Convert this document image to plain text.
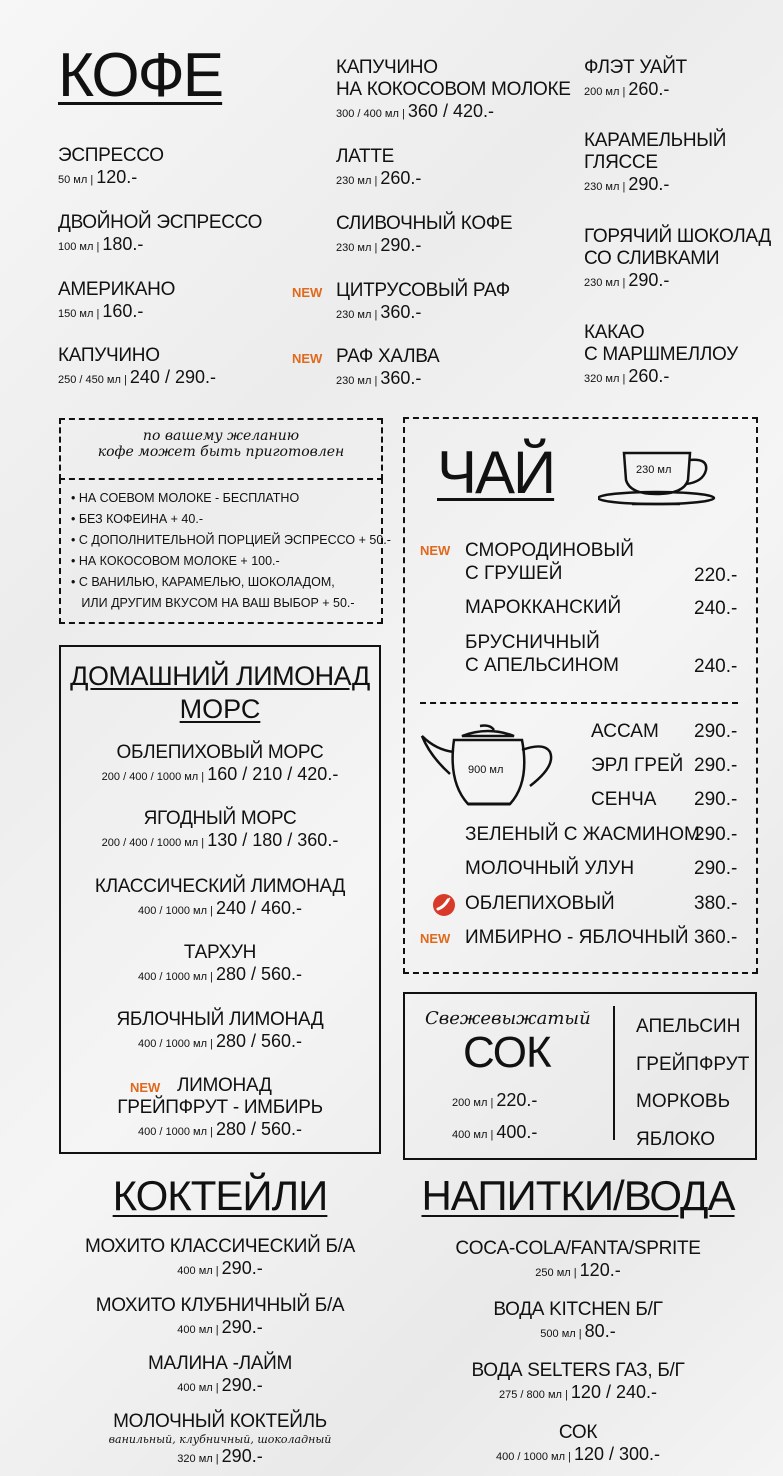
КОФЕ
ЭСПРЕССО
50 мл | 120.-
ДВОЙНОЙ ЭСПРЕССО
100 мл | 180.-
АМЕРИКАНО
150 мл | 160.-
КАПУЧИНО
250 / 450 мл | 240 / 290.-
КАПУЧИНО
НА КОКОСОВОМ МОЛОКЕ
300 / 400 мл | 360 / 420.-
ЛАТТЕ
230 мл | 260.-
СЛИВОЧНЫЙ КОФЕ
230 мл | 290.-
NEW ЦИТРУСОВЫЙ РАФ
230 мл | 360.-
NEW РАФ ХАЛВА
230 мл | 360.-
ФЛЭТ УАЙТ
200 мл | 260.-
КАРАМЕЛЬНЫЙ
ГЛЯССЕ
230 мл | 290.-
ГОРЯЧИЙ ШОКОЛАД
СО СЛИВКАМИ
230 мл | 290.-
КАКАО
С МАРШМЕЛЛОУ
320 мл | 260.-
по вашему желанию
кофе может быть приготовлен
• НА СОЕВОМ МОЛОКЕ - БЕСПЛАТНО
• БЕЗ КОФЕИНА + 40.-
• С ДОПОЛНИТЕЛЬНОЙ ПОРЦИЕЙ ЭСПРЕССО + 50.-
• НА КОКОСОВОМ МОЛОКЕ + 100.-
• С ВАНИЛЬЮ, КАРАМЕЛЬЮ, ШОКОЛАДОМ,
ИЛИ ДРУГИМ ВКУСОМ НА ВАШ ВЫБОР + 50.-
ДОМАШНИЙ ЛИМОНАД
МОРС
ОБЛЕПИХОВЫЙ МОРС
200 / 400 / 1000 мл | 160 / 210 / 420.-
ЯГОДНЫЙ МОРС
200 / 400 / 1000 мл | 130 / 180 / 360.-
КЛАССИЧЕСКИЙ ЛИМОНАД
400 / 1000 мл | 240 / 460.-
ТАРХУН
400 / 1000 мл | 280 / 560.-
ЯБЛОЧНЫЙ ЛИМОНАД
400 / 1000 мл | 280 / 560.-
NEW ЛИМОНАД
ГРЕЙПФРУТ - ИМБИРЬ
400 / 1000 мл | 280 / 560.-
ЧАЙ	230 мл
NEW СМОРОДИНОВЫЙ
С ГРУШЕЙ	220.-
МАРОККАНСКИЙ	240.-
БРУСНИЧНЫЙ
С АПЕЛЬСИНОМ	240.-
900 мл
АССАМ 290.-
ЭРЛ ГРЕЙ 290.-
СЕНЧА 290.-
ЗЕЛЕНЫЙ С ЖАСМИНОМ
290.-
МОЛОЧНЫЙ УЛУН	290.-
ОБЛЕПИХОВЫЙ	380.-
NEW ИМБИРНО - ЯБЛОЧНЫЙ 360.-
Свежевыжатый
СОК
200 мл | 220.-
400 мл | 400.-
АПЕЛЬСИН
ГРЕЙПФРУТ
МОРКОВЬ
ЯБЛОКО
КОКТЕЙЛИ
МОХИТО КЛАССИЧЕСКИЙ Б/А
400 мл | 290.-
МОХИТО КЛУБНИЧНЫЙ Б/А
400 мл | 290.-
МАЛИНА -ЛАЙМ
400 мл | 290.-
МОЛОЧНЫЙ КОКТЕЙЛЬ
ванильный, клубничный, шоколадный
320 мл | 290.-
НАПИТКИ/ВОДА
COCA-COLA/FANTA/SPRITE
250 мл | 120.-
ВОДА KITCHEN Б/Г
500 мл | 80.-
ВОДА SELTERS ГАЗ, Б/Г
275 / 800 мл | 120 / 240.-
СОК
400 / 1000 мл | 120 / 300.-
